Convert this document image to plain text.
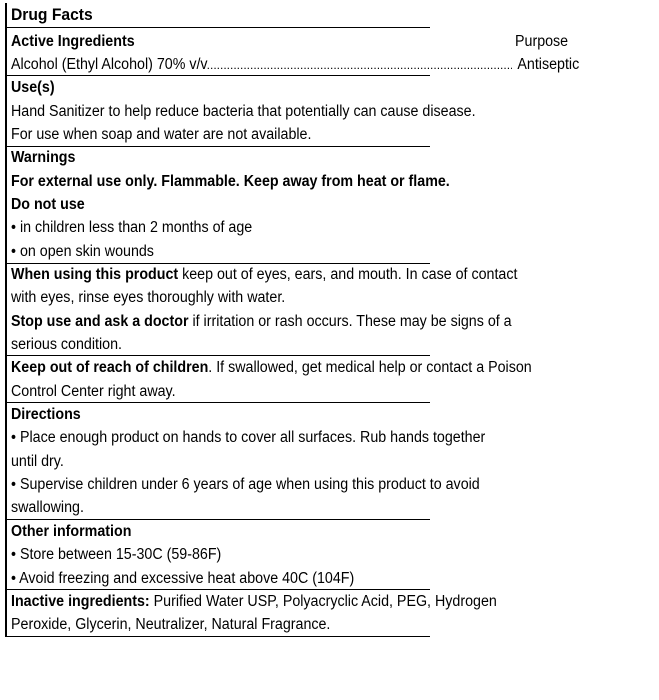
Drug Facts
Active Ingredients	Purpose
Alcohol (Ethyl Alcohol) 70% v/v
.....	Antiseptic
Use(s)
Hand Sanitizer to help reduce bacteria that potentially can cause disease.
For use when soap and water are not available.
Warnings
For external use only. Flammable. Keep away from heat or flame.
Do not use
• in children less than 2 months of age
• on open skin wounds
When using this product keep out of eyes, ears, and mouth. In case of contact
with eyes, rinse eyes thoroughly with water.
Stop use and ask a doctor if irritation or rash occurs. These may be signs of a
serious condition.
Keep out of reach of children. If swallowed, get medical help or contact a Poison
Control Center right away.
Directions
• Place enough product on hands to cover all surfaces. Rub hands together
until dry.
• Supervise children under 6 years of age when using this product to avoid
swallowing.
Other information
• Store between 15-30C (59-86F)
• Avoid freezing and excessive heat above 40C (104F)
Inactive ingredients: Purified Water USP, Polyacryclic Acid, PEG, Hydrogen
Peroxide, Glycerin, Neutralizer, Natural Fragrance.
